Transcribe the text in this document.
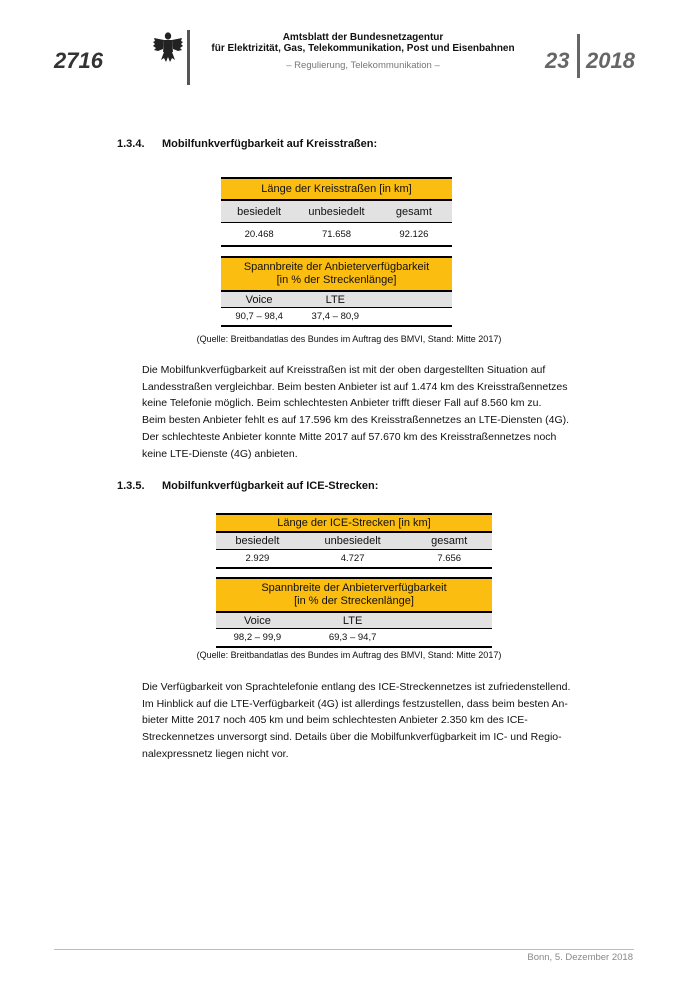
2716
Amtsblatt der Bundesnetzagentur
für Elektrizität, Gas, Telekommunikation, Post und Eisenbahnen
– Regulierung, Telekommunikation –	23 2018
1.3.4. Mobilfunkverfügbarkeit auf Kreisstraßen:
Länge der Kreisstraßen [in km]		
besiedelt	unbesiedelt	gesamt
20.468	71.658	92.126
Spannbreite der Anbieterverfügbarkeit
[in % der Streckenlänge]		

Voice	LTE	
90,7 – 98,4	37,4 – 80,9	
(Quelle: Breitbandatlas des Bundes im Auftrag des BMVI, Stand: Mitte 2017)
Die Mobilfunkverfügbarkeit auf Kreisstraßen ist mit der oben dargestellten Situation auf
Landesstraßen vergleichbar. Beim besten Anbieter ist auf 1.474 km des Kreisstraßennetzes
keine Telefonie möglich. Beim schlechtesten Anbieter trifft dieser Fall auf 8.560 km zu.
Beim besten Anbieter fehlt es auf 17.596 km des Kreisstraßennetzes an LTE-Diensten (4G).
Der schlechteste Anbieter konnte Mitte 2017 auf 57.670 km des Kreisstraßennetzes noch
keine LTE-Dienste (4G) anbieten.
1.3.5. Mobilfunkverfügbarkeit auf ICE-Strecken:
Länge der ICE-Strecken [in km]		
besiedelt	unbesiedelt	gesamt
2.929	4.727	7.656
Spannbreite der Anbieterverfügbarkeit
[in % der Streckenlänge]		

Voice	LTE	
98,2 – 99,9	69,3 – 94,7	
(Quelle: Breitbandatlas des Bundes im Auftrag des BMVI, Stand: Mitte 2017)
Die Verfügbarkeit von Sprachtelefonie entlang des ICE-Streckennetzes ist zufriedenstellend.
Im Hinblick auf die LTE-Verfügbarkeit (4G) ist allerdings festzustellen, dass beim besten An-
bieter Mitte 2017 noch 405 km und beim schlechtesten Anbieter 2.350 km des ICE-
Streckennetzes unversorgt sind. Details über die Mobilfunkverfügbarkeit im IC- und Regio-
nalexpressnetz liegen nicht vor.
Bonn, 5. Dezember 2018
